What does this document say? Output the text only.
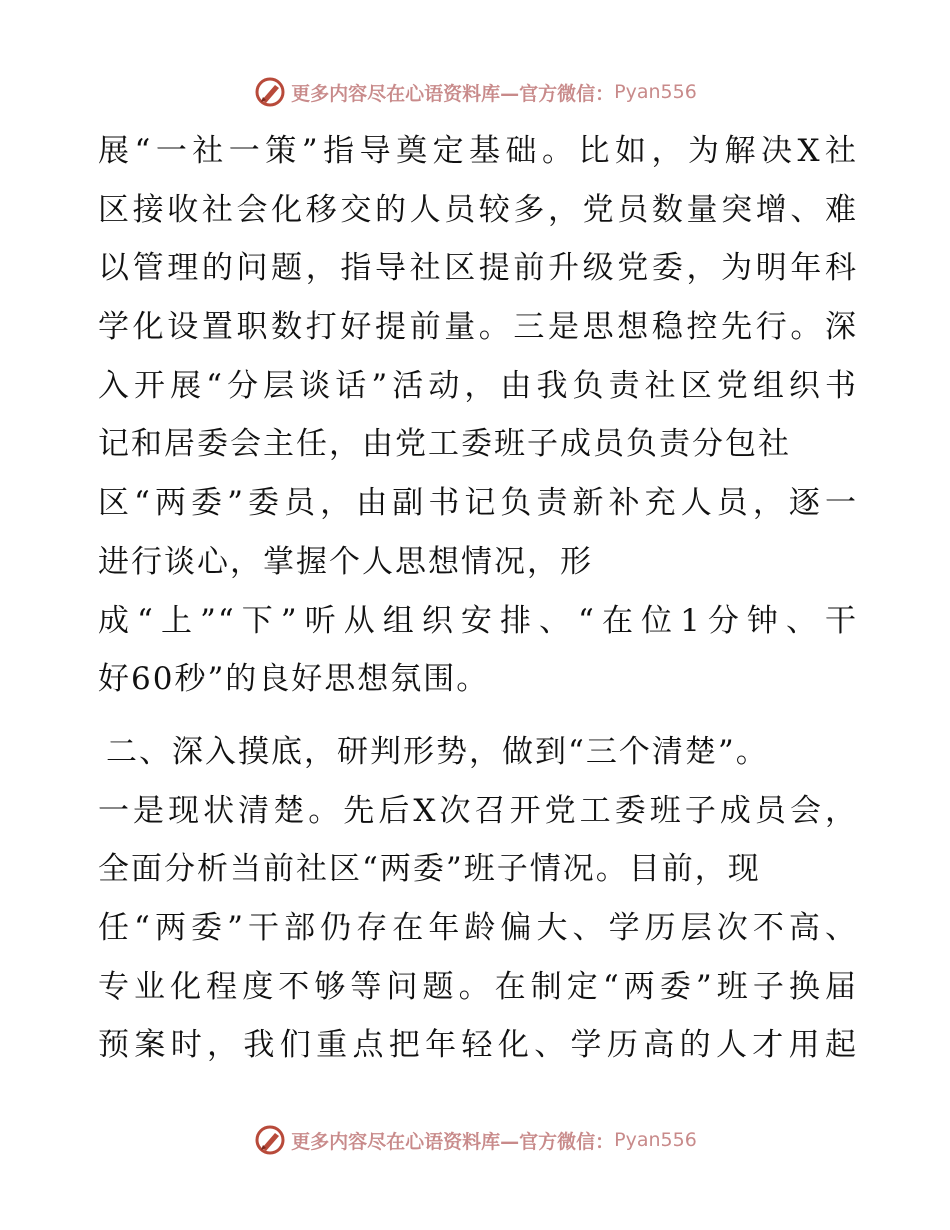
更多内容尽在心语资料库—官方微信： Pyan556
展“一社一策”指导奠定基础。比如，为解决X社
区接收社会化移交的人员较多，党员数量突增、难
以管理的问题，指导社区提前升级党委，为明年科
学化设置职数打好提前量。三是思想稳控先行。深
入开展“分层谈话”活动，由我负责社区党组织书
记和居委会主任，由党工委班子成员负责分包社
区“两委”委员，由副书记负责新补充人员，逐一
进行谈心，掌握个人思想情况，形
成“上”“下”听从组织安排、“在位1分钟、干
好60秒”的良好思想氛围。
二、深入摸底，研判形势，做到“三个清楚”。
一是现状清楚。先后X次召开党工委班子成员会，
全面分析当前社区“两委”班子情况。目前，现
任“两委”干部仍存在年龄偏大、学历层次不高、
专业化程度不够等问题。在制定“两委”班子换届
预案时，我们重点把年轻化、学历高的人才用起
更多内容尽在心语资料库—官方微信： Pyan556
